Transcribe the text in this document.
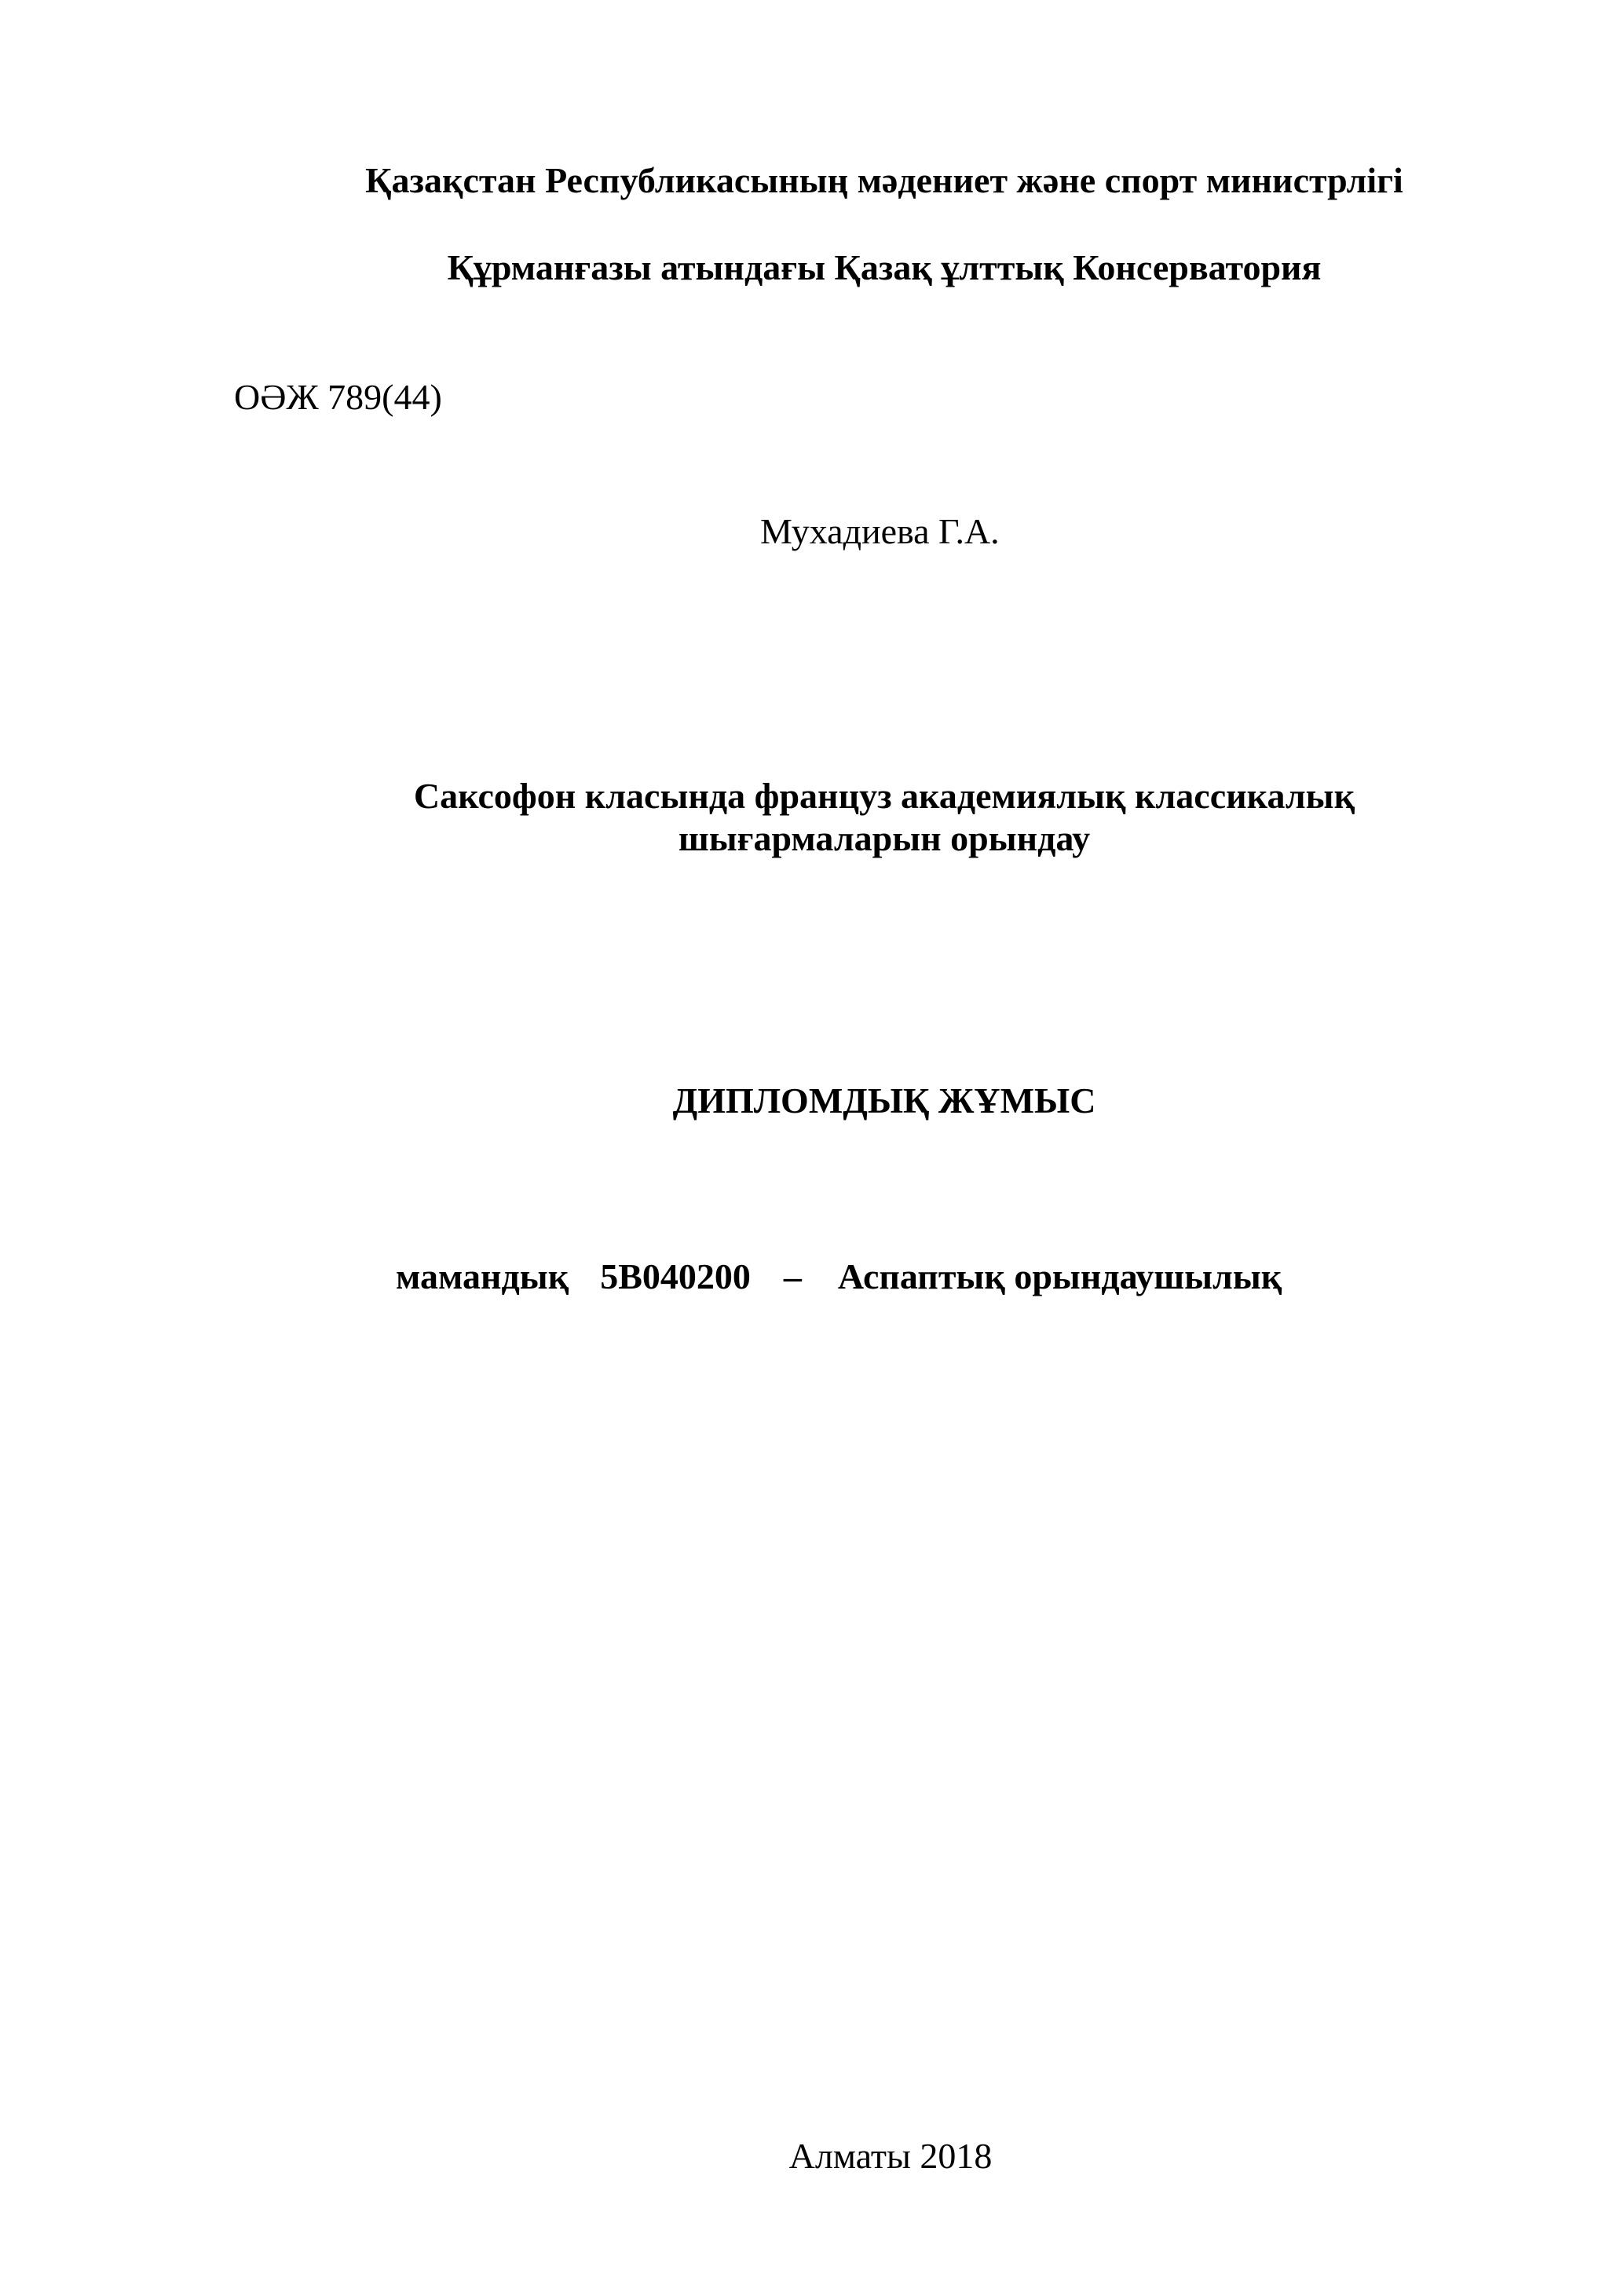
Қазақстан Республикасының мәдениет және спорт министрлігі
Құрманғазы атындағы Қазақ ұлттық Консерватория
ОӘЖ 789(44)
Мухадиева Г.А.
Саксофон класында француз академиялық классикалық
шығармаларын орындау
ДИПЛОМДЫҚ ЖҰМЫС
мамандық 5В040200 – Аспаптық орындаушылық
Алматы 2018
